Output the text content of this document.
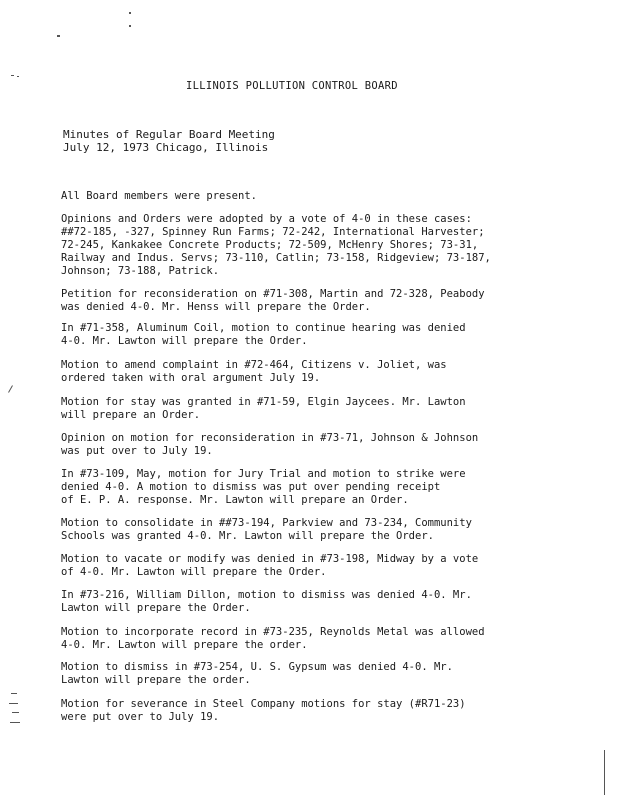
ILLINOIS POLLUTION CONTROL BOARD
Minutes of Regular Board Meeting
July 12, 1973 Chicago, Illinois
All Board members were present.
Opinions and Orders were adopted by a vote of 4-0 in these cases:
##72-185, -327, Spinney Run Farms; 72-242, International Harvester;
72-245, Kankakee Concrete Products; 72-509, McHenry Shores; 73-31,
Railway and Indus. Servs; 73-110, Catlin; 73-158, Ridgeview; 73-187,
Johnson; 73-188, Patrick.
Petition for reconsideration on #71-308, Martin and 72-328, Peabody
was denied 4-0. Mr. Henss will prepare the Order.
In #71-358, Aluminum Coil, motion to continue hearing was denied
4-0. Mr. Lawton will prepare the Order.
Motion to amend complaint in #72-464, Citizens v. Joliet, was
ordered taken with oral argument July 19.
Motion for stay was granted in #71-59, Elgin Jaycees. Mr. Lawton
will prepare an Order.
Opinion on motion for reconsideration in #73-71, Johnson & Johnson
was put over to July 19.
In #73-109, May, motion for Jury Trial and motion to strike were
denied 4-0. A motion to dismiss was put over pending receipt
of E. P. A. response. Mr. Lawton will prepare an Order.
Motion to consolidate in ##73-194, Parkview and 73-234, Community
Schools was granted 4-0. Mr. Lawton will prepare the Order.
Motion to vacate or modify was denied in #73-198, Midway by a vote
of 4-0. Mr. Lawton will prepare the Order.
In #73-216, William Dillon, motion to dismiss was denied 4-0. Mr.
Lawton will prepare the Order.
Motion to incorporate record in #73-235, Reynolds Metal was allowed
4-0. Mr. Lawton will prepare the order.
Motion to dismiss in #73-254, U. S. Gypsum was denied 4-0. Mr.
Lawton will prepare the order.
Motion for severance in Steel Company motions for stay (#R71-23)
were put over to July 19.
